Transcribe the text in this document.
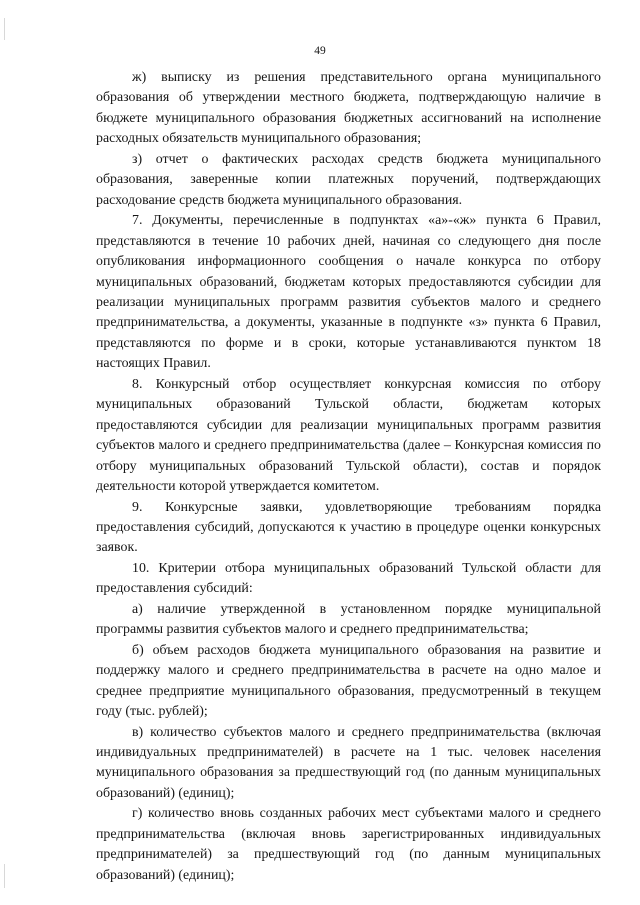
49

ж) выписку из решения представительного органа муниципального образования об утверждении местного бюджета, подтверждающую наличие в бюджете муниципального образования бюджетных ассигнований на исполнение расходных обязательств муниципального образования;

з) отчет о фактических расходах средств бюджета муниципального образования, заверенные копии платежных поручений, подтверждающих расходование средств бюджета муниципального образования.

7. Документы, перечисленные в подпунктах «а»-«ж» пункта 6 Правил, представляются в течение 10 рабочих дней, начиная со следующего дня после опубликования информационного сообщения о начале конкурса по отбору муниципальных образований, бюджетам которых предоставляются субсидии для реализации муниципальных программ развития субъектов малого и среднего предпринимательства, а документы, указанные в подпункте «з» пункта 6 Правил, представляются по форме и в сроки, которые устанавливаются пунктом 18 настоящих Правил.

8. Конкурсный отбор осуществляет конкурсная комиссия по отбору муниципальных образований Тульской области, бюджетам которых предоставляются субсидии для реализации муниципальных программ развития субъектов малого и среднего предпринимательства (далее – Конкурсная комиссия по отбору муниципальных образований Тульской области), состав и порядок деятельности которой утверждается комитетом.

9. Конкурсные заявки, удовлетворяющие требованиям порядка предоставления субсидий, допускаются к участию в процедуре оценки конкурсных заявок.

10. Критерии отбора муниципальных образований Тульской области для предоставления субсидий:

а) наличие утвержденной в установленном порядке муниципальной программы развития субъектов малого и среднего предпринимательства;

б) объем расходов бюджета муниципального образования на развитие и поддержку малого и среднего предпринимательства в расчете на одно малое и среднее предприятие муниципального образования, предусмотренный в текущем году (тыс. рублей);

в) количество субъектов малого и среднего предпринимательства (включая индивидуальных предпринимателей) в расчете на 1 тыс. человек населения муниципального образования за предшествующий год (по данным муниципальных образований) (единиц);

г) количество вновь созданных рабочих мест субъектами малого и среднего предпринимательства (включая вновь зарегистрированных индивидуальных предпринимателей) за предшествующий год (по данным муниципальных образований) (единиц);
